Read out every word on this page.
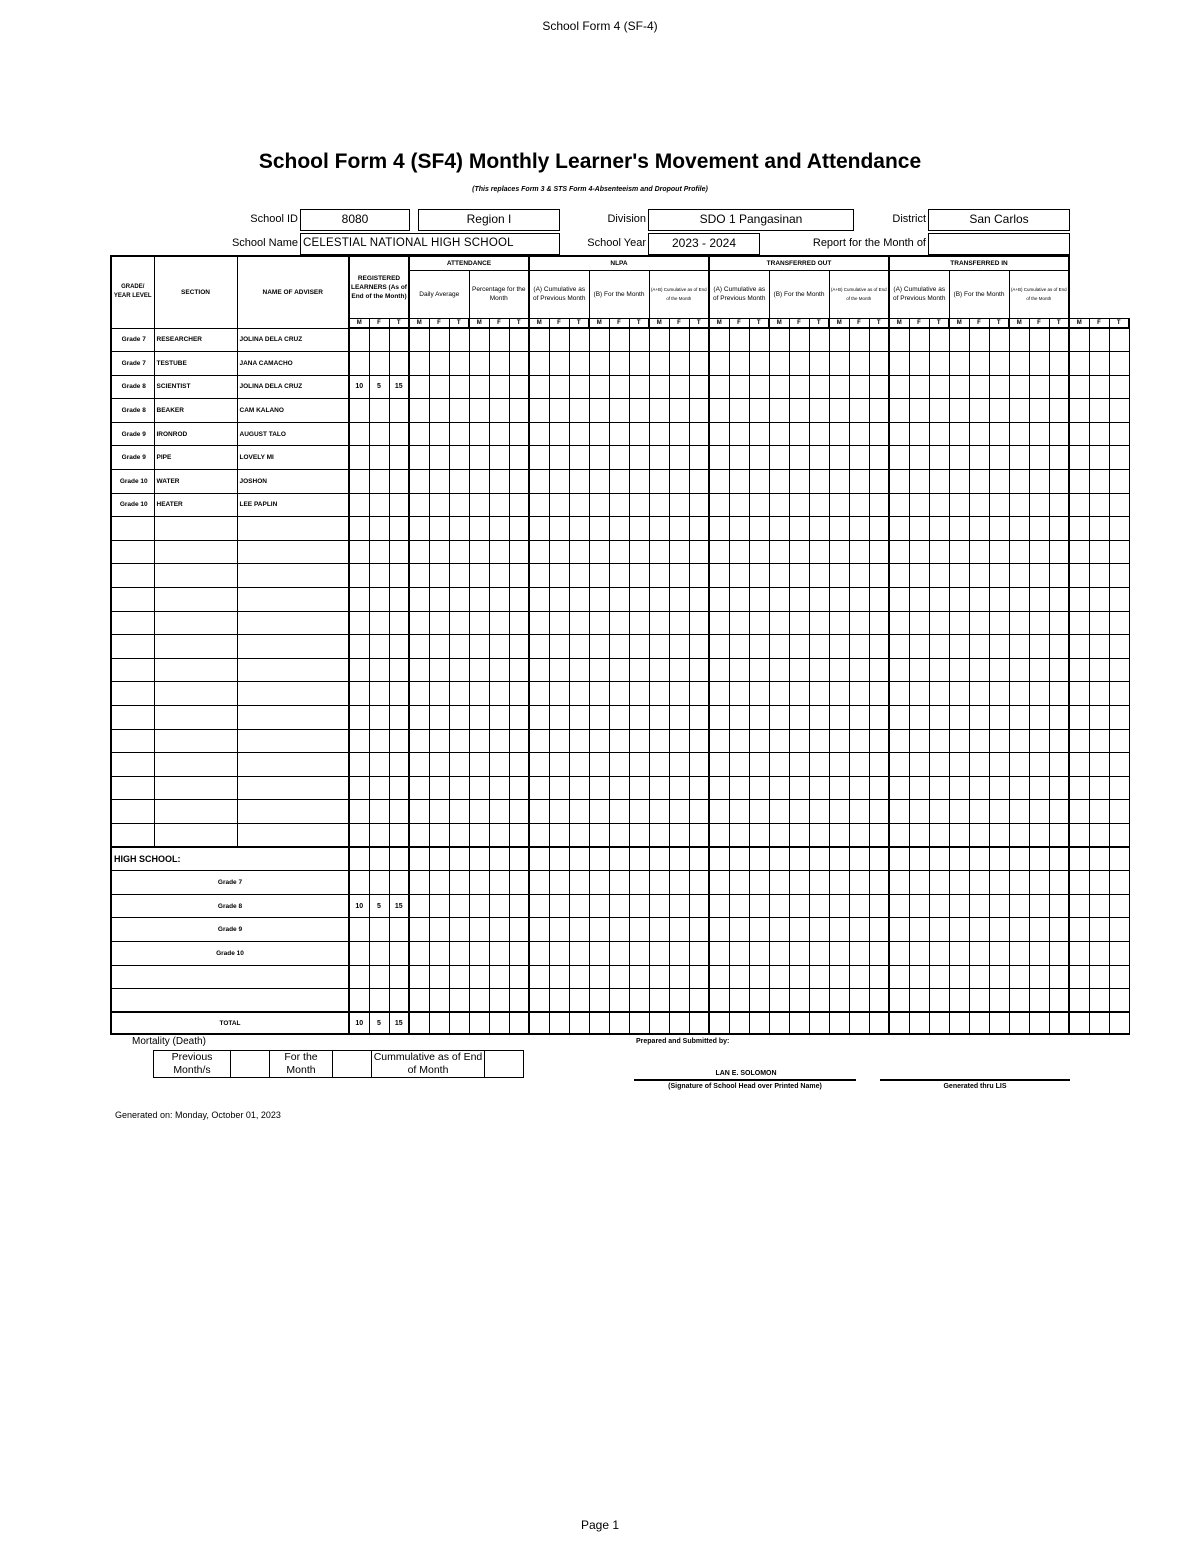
School Form 4 (SF-4)
School Form 4 (SF4) Monthly Learner's Movement and Attendance
(This replaces Form 3 & STS Form 4-Absenteeism and Dropout Profile)
School ID	8080	Region I	Division	SDO 1 Pangasinan	District	San Carlos
School Name CELESTIAL NATIONAL HIGH SCHOOL	School Year	2023 - 2024	Report for the Month of
GRADE/ YEAR LEVEL	SECTION	NAME OF ADVISER	REGISTERED LEARNERS (As of End of the Month)			ATTENDANCE						NLPA									TRANSFERRED OUT									TRANSFERRED IN											
						Daily Average			Percentage for the Month			(A) Cumulative as of Previous Month			(B) For the Month			(A+B) Cumulative as of End of the Month			(A) Cumulative as of Previous Month			(B) For the Month			(A+B) Cumulative as of End of the Month			(A) Cumulative as of Previous Month			(B) For the Month			(A+B) Cumulative as of End of the Month					
			M	F	T	M	F	T	M	F	T	M	F	T	M	F	T	M	F	T	M	F	T	M	F	T	M	F	T	M	F	T	M	F	T	M	F	T	M	F	T
Grade 7	RESEARCHER	JOLINA DELA CRUZ																																							
Grade 7	TESTUBE	JANA CAMACHO																																							
Grade 8	SCIENTIST	JOLINA DELA CRUZ	10	5	15																																				
Grade 8	BEAKER	CAM KALANO																																							
Grade 9	IRONROD	AUGUST TALO																																							
Grade 9	PIPE	LOVELY MI																																							
Grade 10	WATER	JOSHON																																							
Grade 10	HEATER	LEE PAPLIN																																							

HIGH SCHOOL:																																									
Grade 7																																									
Grade 8			10	5	15																																				
Grade 9																																									
Grade 10																																									

TOTAL			10	5	15																																				
Mortality (Death)
Previous Month/s		For the Month		Cummulative as of End of Month	
Prepared and Submitted by:
LAN E. SOLOMON
(Signature of School Head over Printed Name)	Generated thru LIS
Generated on: Monday, October 01, 2023
Page 1
